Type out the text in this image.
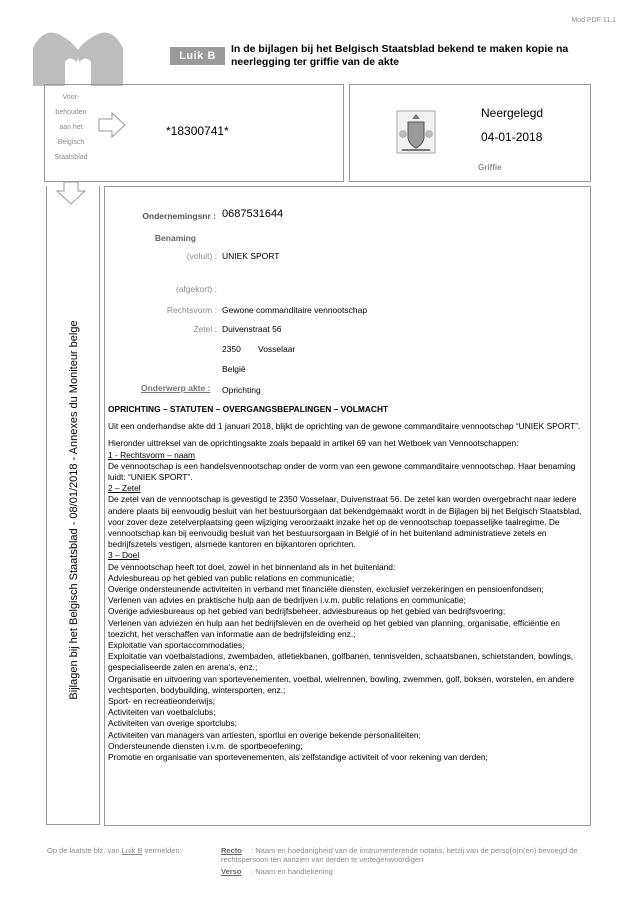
Mod PDF 11.1
Luik B
In de bijlagen bij het Belgisch Staatsblad bekend te maken kopie na neerlegging ter griffie van de akte
Voor-
behouden
aan het
Belgisch
Staatsblad
*18300741*
Neergelegd
04-01-2018
Griffie
Bijlagen bij het Belgisch Staatsblad - 08/01/2018 - Annexes du Moniteur belge
Ondernemingsnr : 0687531644
Benaming
(voluit) : UNIEK SPORT
(afgekort) :
Rechtsvorm : Gewone commanditaire vennootschap
Zetel : Duivenstraat 56
2350 Vosselaar
België
Onderwerp akte : Oprichting

OPRICHTING – STATUTEN – OVERGANGSBEPALINGEN – VOLMACHT

Uit een onderhandse akte dd 1 januari 2018, blijkt de oprichting van de gewone commanditaire vennootschap “UNIEK SPORT”.

Hieronder uittreksel van de oprichtingsakte zoals bepaald in artikel 69 van het Wetboek van Vennootschappen:

1 - Rechtsvorm – naam

De vennootschap is een handelsvennootschap onder de vorm van een gewone commanditaire vennootschap. Haar benaming luidt: “UNIEK SPORT”.

2 – Zetel

De zetel van de vennootschap is gevestigd te 2350 Vosselaar, Duivenstraat 56. De zetel kan worden overgebracht naar iedere andere plaats bij eenvoudig besluit van het bestuursorgaan dat bekendgemaakt wordt in de Bijlagen bij het Belgisch Staatsblad, voor zover deze zetelverplaatsing geen wijziging veroorzaakt inzake het op de vennootschap toepasselijke taalregime. De vennootschap kan bij eenvoudig besluit van het bestuursorgaan in België of in het buitenland administratieve zetels en bedrijfszetels vestigen, alsmede kantoren en bijkantoren oprichten.

3 – Doel

De vennootschap heeft tot doel, zowel in het binnenland als in het buitenland:

Adviesbureau op het gebied van public relations en communicatie;

Overige ondersteunende activiteiten in verband met financiële diensten, exclusief verzekeringen en pensioenfondsen;

Verlenen van advies en praktische hulp aan de bedrijven i.v.m. public relations en communicatie;

Overige adviesbureaus op het gebied van bedrijfsbeheer, adviesbureaus op het gebied van bedrijfsvoering;

Verlenen van adviezen en hulp aan het bedrijfsleven en de overheid op het gebied van planning, organisatie, efficiëntie en toezicht, het verschaffen van informatie aan de bedrijfsleiding enz.;

Exploitatie van sportaccommodaties;

Exploitatie van voetbalstadions, zwembaden, atletiekbanen, golfbanen, tennisvelden, schaatsbanen, schietstanden, bowlings, gespecialiseerde zalen en arena’s, enz.;

Organisatie en uitvoering van sportevenementen, voetbal, wielrennen, bowling, zwemmen, golf, boksen, worstelen, en andere vechtsporten, bodybuilding, wintersporten, enz.;

Sport- en recreatieonderwijs;

Activiteiten van voetbalclubs;

Activiteiten van overige sportclubs;

Activiteiten van managers van artiesten, sportlui en overige bekende personaliteiten;

Ondersteunende diensten i.v.m. de sportbeoefening;

Promotie en organisatie van sportevenementen, als zelfstandige activiteit of voor rekening van derden;

Op de laatste blz. van Luik B vermelden:	Recto : Naam en hoedanigheid van de instrumenterende notaris, hetzij van de perso(o)n(en) bevoegd de rechtspersoon ten aanzien van derden te vertegenwoordigen
Verso : Naam en handtekening
